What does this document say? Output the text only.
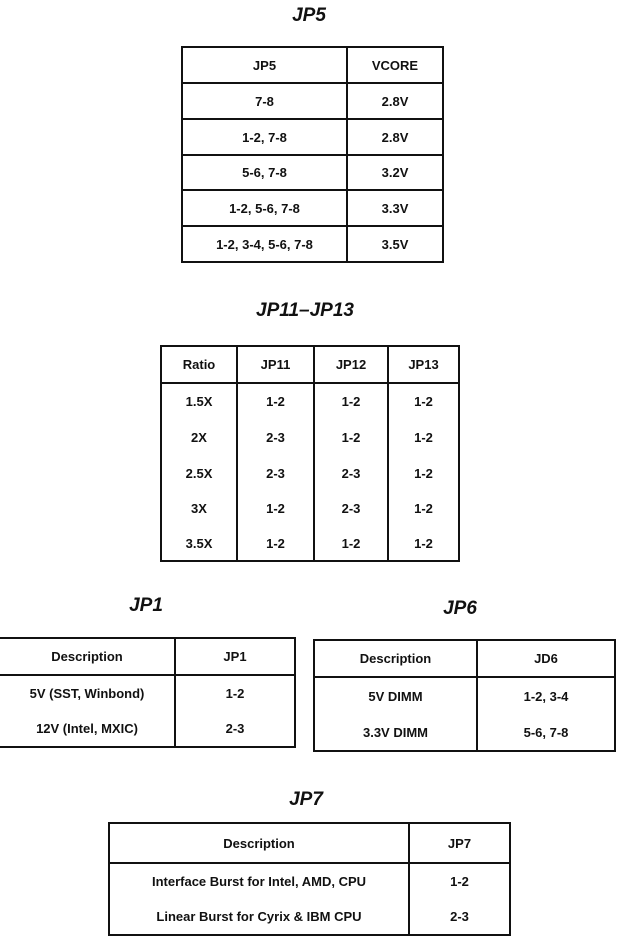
JP5
JP5	VCORE
7-8	2.8V
1-2, 7-8	2.8V
5-6, 7-8	3.2V
1-2, 5-6, 7-8	3.3V
1-2, 3-4, 5-6, 7-8	3.5V
JP11–JP13
Ratio	JP11	JP12	JP13
1.5X	1-2	1-2	1-2
2X	2-3	1-2	1-2
2.5X	2-3	2-3	1-2
3X	1-2	2-3	1-2
3.5X	1-2	1-2	1-2
JP1
Description	JP1
5V (SST, Winbond)	1-2
12V (Intel, MXIC)	2-3
JP6
Description	JD6
5V DIMM	1-2, 3-4
3.3V DIMM	5-6, 7-8
JP7
Description	JP7
Interface Burst for Intel, AMD, CPU	1-2
Linear Burst for Cyrix & IBM CPU	2-3
